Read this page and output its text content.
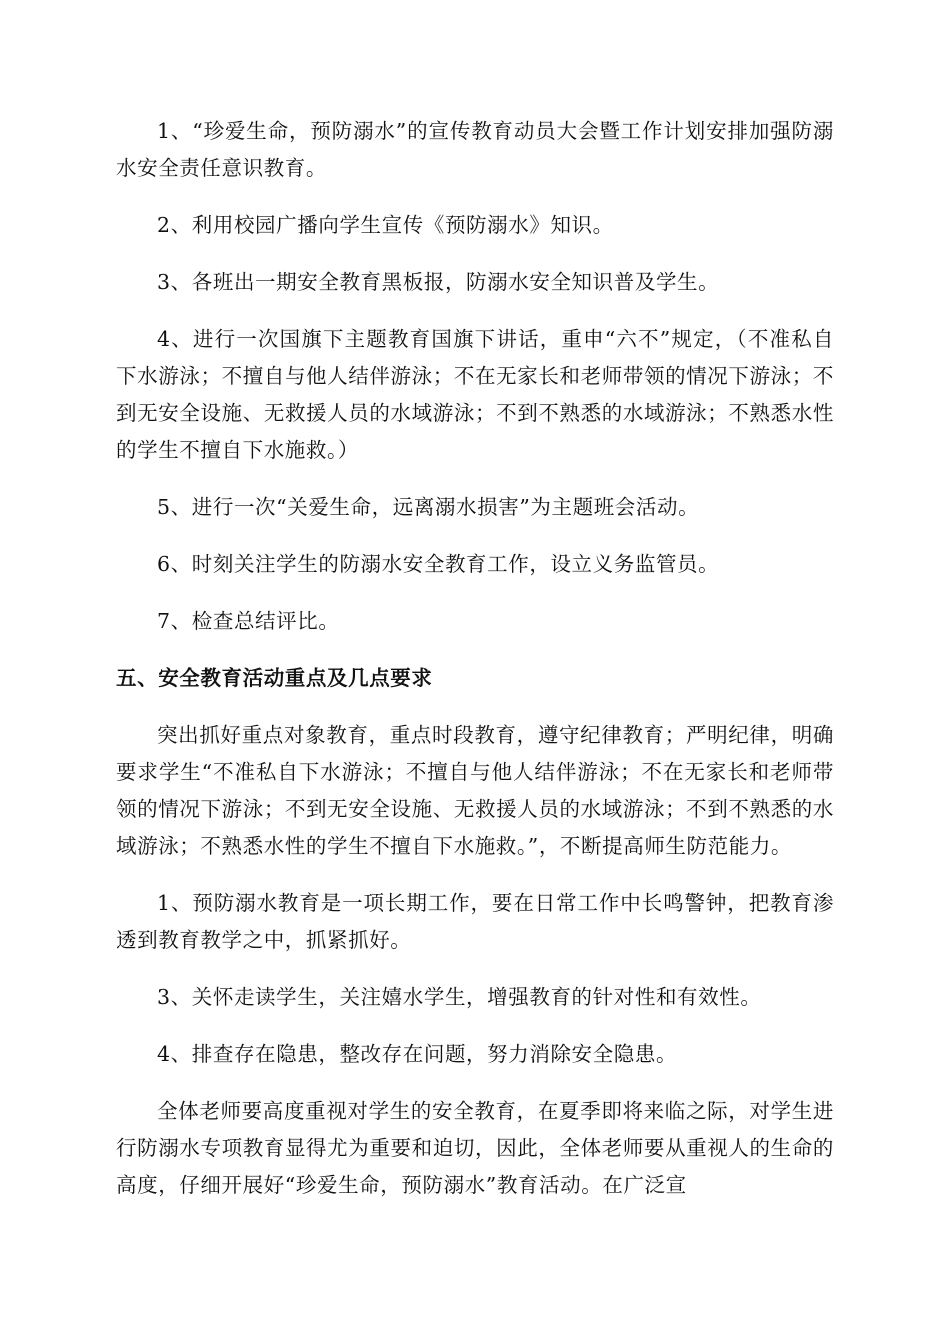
1、“珍爱生命，预防溺水”的宣传教育动员大会暨工作计划安排加强防溺水安全责任意识教育。

2、利用校园广播向学生宣传《预防溺水》知识。

3、各班出一期安全教育黑板报，防溺水安全知识普及学生。

4、进行一次国旗下主题教育国旗下讲话，重申“六不”规定，（不准私自下水游泳；不擅自与他人结伴游泳；不在无家长和老师带领的情况下游泳；不到无安全设施、无救援人员的水域游泳；不到不熟悉的水域游泳；不熟悉水性的学生不擅自下水施救。）

5、进行一次“关爱生命，远离溺水损害”为主题班会活动。

6、时刻关注学生的防溺水安全教育工作，设立义务监管员。

7、检查总结评比。

五、安全教育活动重点及几点要求

突出抓好重点对象教育，重点时段教育，遵守纪律教育；严明纪律，明确要求学生“不准私自下水游泳；不擅自与他人结伴游泳；不在无家长和老师带领的情况下游泳；不到无安全设施、无救援人员的水域游泳；不到不熟悉的水域游泳；不熟悉水性的学生不擅自下水施救。”，不断提高师生防范能力。

1、预防溺水教育是一项长期工作，要在日常工作中长鸣警钟，把教育渗透到教育教学之中，抓紧抓好。

3、关怀走读学生，关注嬉水学生，增强教育的针对性和有效性。

4、排查存在隐患，整改存在问题，努力消除安全隐患。

全体老师要高度重视对学生的安全教育，在夏季即将来临之际，对学生进行防溺水专项教育显得尤为重要和迫切，因此，全体老师要从重视人的生命的高度，仔细开展好“珍爱生命，预防溺水”教育活动。在广泛宣
